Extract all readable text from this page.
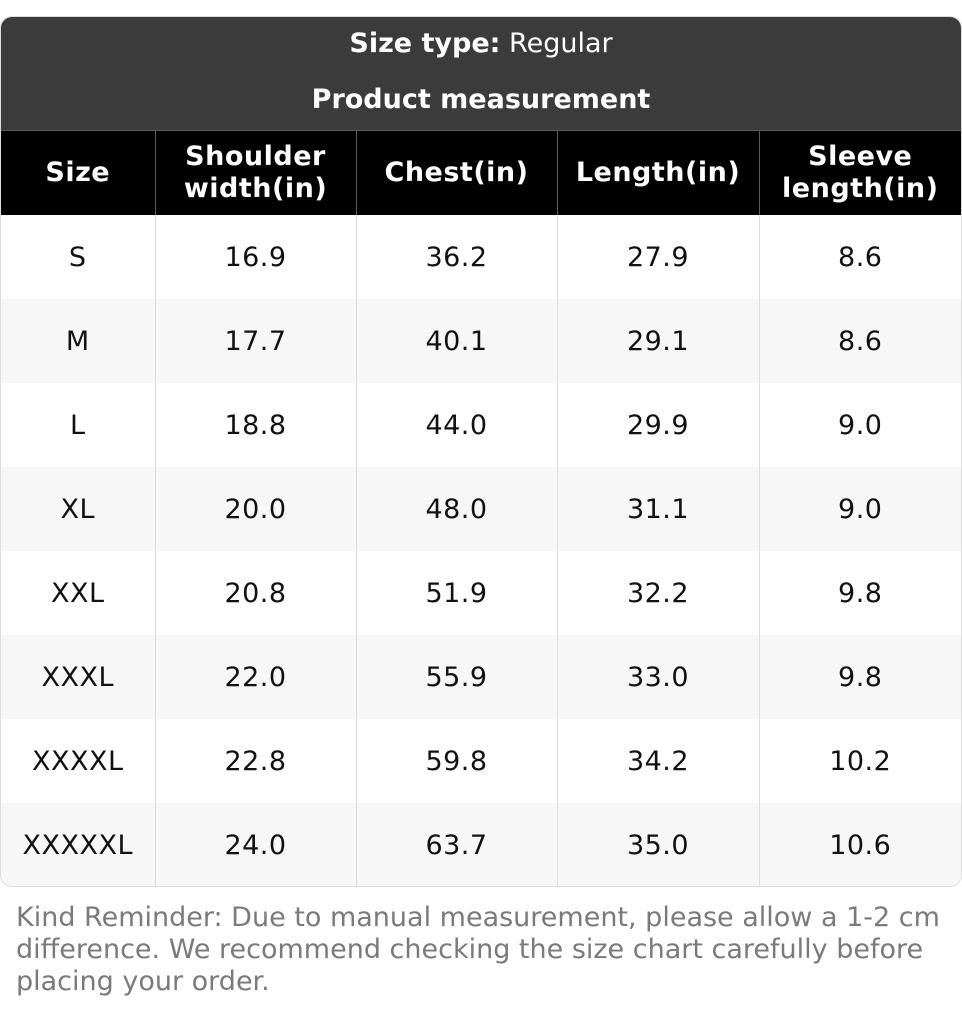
Size type: Regular
Product measurement
Size	Shoulder width(in)	Chest(in)	Length(in)	Sleeve length(in)

S	16.9	36.2	27.9	8.6
M	17.7	40.1	29.1	8.6
L	18.8	44.0	29.9	9.0
XL	20.0	48.0	31.1	9.0
XXL	20.8	51.9	32.2	9.8
XXXL	22.0	55.9	33.0	9.8
XXXXL	22.8	59.8	34.2	10.2
XXXXXL	24.0	63.7	35.0	10.6
Kind Reminder: Due to manual measurement, please allow a 1-2 cm difference. We recommend checking the size chart carefully before placing your order.
